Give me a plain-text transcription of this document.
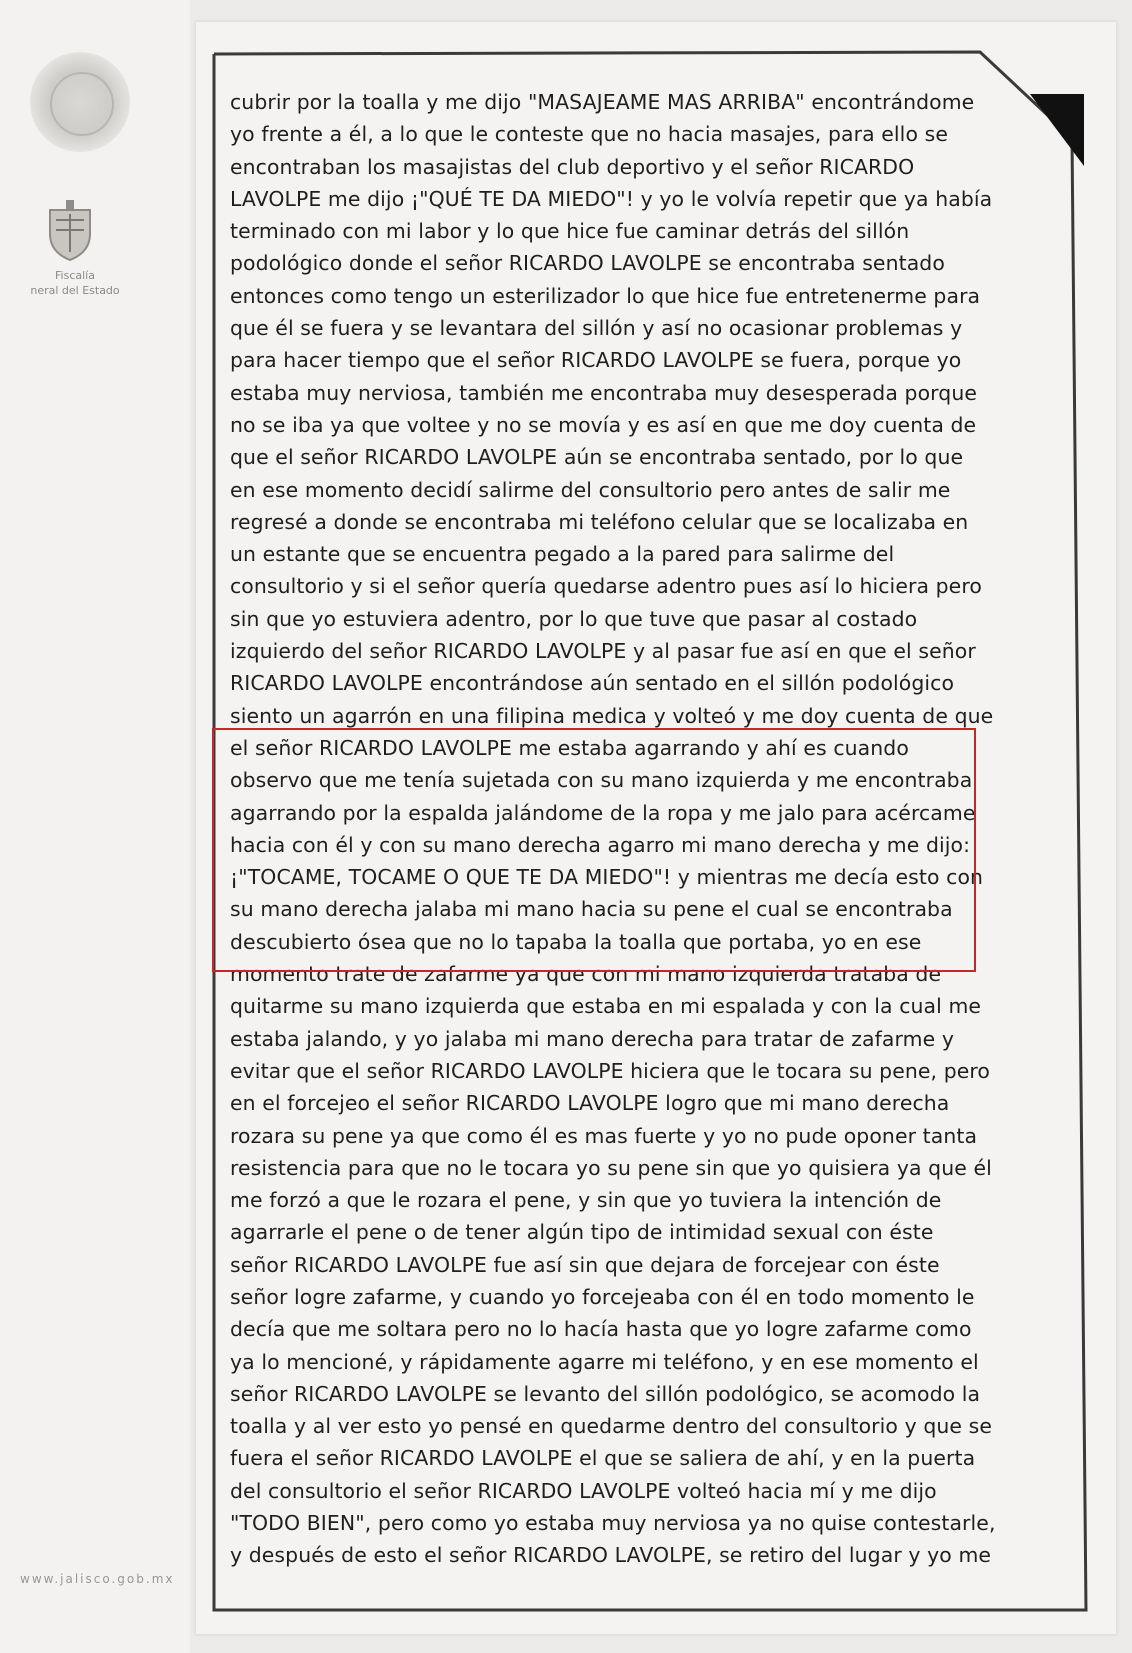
Fiscalía
neral del Estado
www.jalisco.gob.mx
cubrir por la toalla y me dijo "MASAJEAME MAS ARRIBA" encontrándome
yo frente a él, a lo que le conteste que no hacia masajes, para ello se
encontraban los masajistas del club deportivo y el señor RICARDO
LAVOLPE me dijo ¡"QUÉ TE DA MIEDO"! y yo le volvía repetir que ya había
terminado con mi labor y lo que hice fue caminar detrás del sillón
podológico donde el señor RICARDO LAVOLPE se encontraba sentado
entonces como tengo un esterilizador lo que hice fue entretenerme para
que él se fuera y se levantara del sillón y así no ocasionar problemas y
para hacer tiempo que el señor RICARDO LAVOLPE se fuera, porque yo
estaba muy nerviosa, también me encontraba muy desesperada porque
no se iba ya que voltee y no se movía y es así en que me doy cuenta de
que el señor RICARDO LAVOLPE aún se encontraba sentado, por lo que
en ese momento decidí salirme del consultorio pero antes de salir me
regresé a donde se encontraba mi teléfono celular que se localizaba en
un estante que se encuentra pegado a la pared para salirme del
consultorio y si el señor quería quedarse adentro pues así lo hiciera pero
sin que yo estuviera adentro, por lo que tuve que pasar al costado
izquierdo del señor RICARDO LAVOLPE y al pasar fue así en que el señor
RICARDO LAVOLPE encontrándose aún sentado en el sillón podológico
siento un agarrón en una filipina medica y volteó y me doy cuenta de que
el señor RICARDO LAVOLPE me estaba agarrando y ahí es cuando
observo que me tenía sujetada con su mano izquierda y me encontraba
agarrando por la espalda jalándome de la ropa y me jalo para acércame
hacia con él y con su mano derecha agarro mi mano derecha y me dijo:
¡"TOCAME, TOCAME O QUE TE DA MIEDO"! y mientras me decía esto con
su mano derecha jalaba mi mano hacia su pene el cual se encontraba
descubierto ósea que no lo tapaba la toalla que portaba, yo en ese
momento trate de zafarme ya que con mi mano izquierda trataba de
quitarme su mano izquierda que estaba en mi espalada y con la cual me
estaba jalando, y yo jalaba mi mano derecha para tratar de zafarme y
evitar que el señor RICARDO LAVOLPE hiciera que le tocara su pene, pero
en el forcejeo el señor RICARDO LAVOLPE logro que mi mano derecha
rozara su pene ya que como él es mas fuerte y yo no pude oponer tanta
resistencia para que no le tocara yo su pene sin que yo quisiera ya que él
me forzó a que le rozara el pene, y sin que yo tuviera la intención de
agarrarle el pene o de tener algún tipo de intimidad sexual con éste
señor RICARDO LAVOLPE fue así sin que dejara de forcejear con éste
señor logre zafarme, y cuando yo forcejeaba con él en todo momento le
decía que me soltara pero no lo hacía hasta que yo logre zafarme como
ya lo mencioné, y rápidamente agarre mi teléfono, y en ese momento el
señor RICARDO LAVOLPE se levanto del sillón podológico, se acomodo la
toalla y al ver esto yo pensé en quedarme dentro del consultorio y que se
fuera el señor RICARDO LAVOLPE el que se saliera de ahí, y en la puerta
del consultorio el señor RICARDO LAVOLPE volteó hacia mí y me dijo
"TODO BIEN", pero como yo estaba muy nerviosa ya no quise contestarle,
y después de esto el señor RICARDO LAVOLPE, se retiro del lugar y yo me
